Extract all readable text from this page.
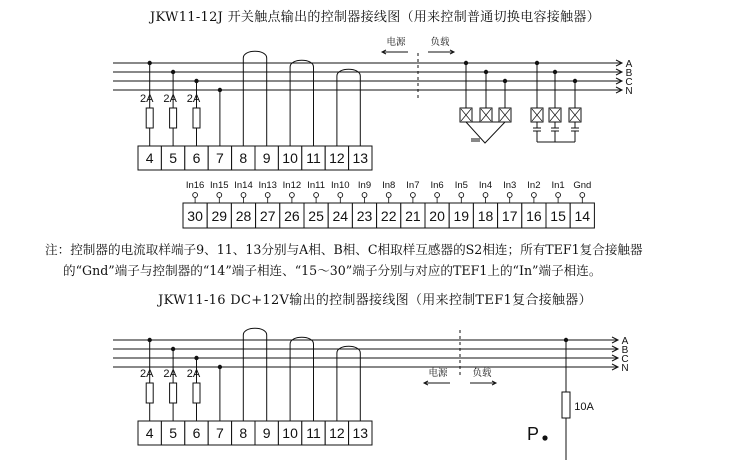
JKW11-12J 开关触点输出的控制器接线图（用来控制普通切换电容接触器）
注：控制器的电流取样端子9、11、13分别与A相、B相、C相取样互感器的S2相连；所有TEF1复合接触器
的“Gnd”端子与控制器的“14”端子相连、“15～30”端子分别与对应的TEF1上的“In”端子相连。
JKW11-16 DC+12V输出的控制器接线图（用来控制TEF1复合接触器）
A
B
C
N
电源	负载
4 5 6 7 8 9 10 11 12 13
2A 2A 2A
30
In16
29
In15
28
In14
27
In13
26
In12
25
In11
24
In10
23
In9
22
In8
21
In7
20
In6
19
In5
18
In4
17
In3
16
In2
15
In1
14
Gnd
A
B
C
N
电源	负载
4 5 6 7 8 9 10 11 12 13
2A 2A 2A
10A
P
